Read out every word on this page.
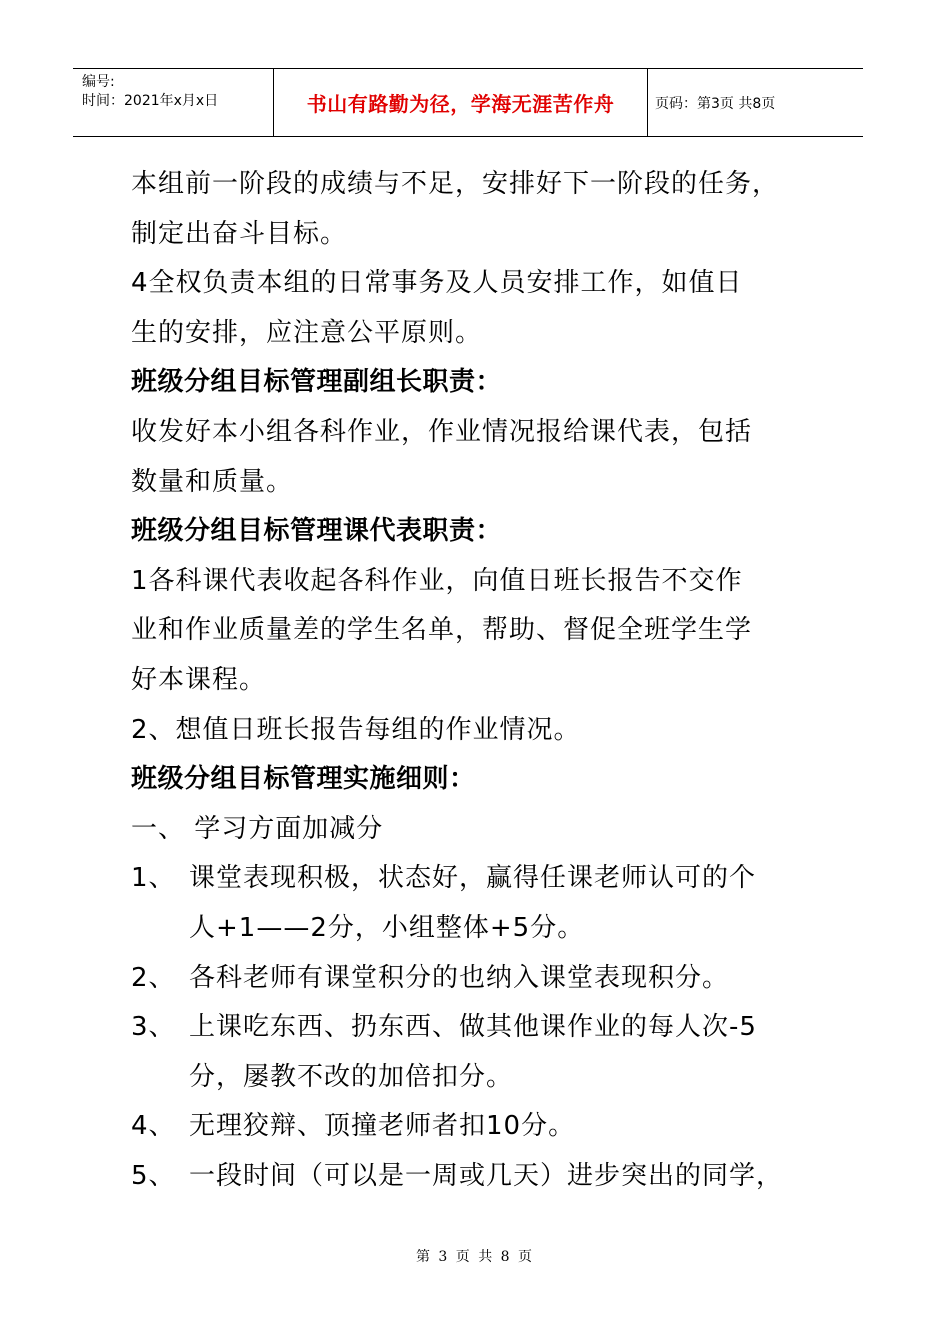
编号:
时间：2021年x月x日	书山有路勤为径，学海无涯苦作舟	页码：第3页 共8页
本组前一阶段的成绩与不足，安排好下一阶段的任务，
制定出奋斗目标。
4全权负责本组的日常事务及人员安排工作，如值日
生的安排，应注意公平原则。
班级分组目标管理副组长职责：
收发好本小组各科作业，作业情况报给课代表，包括
数量和质量。
班级分组目标管理课代表职责：
1各科课代表收起各科作业，向值日班长报告不交作
业和作业质量差的学生名单，帮助、督促全班学生学
好本课程。
2、想值日班长报告每组的作业情况。
班级分组目标管理实施细则：
一、 学习方面加减分
1、 课堂表现积极，状态好，赢得任课老师认可的个
人+1——2分，小组整体+5分。
2、 各科老师有课堂积分的也纳入课堂表现积分。
3、 上课吃东西、扔东西、做其他课作业的每人次-5
分，屡教不改的加倍扣分。
4、 无理狡辩、顶撞老师者扣10分。
5、 一段时间（可以是一周或几天）进步突出的同学，
第 3 页 共 8 页
